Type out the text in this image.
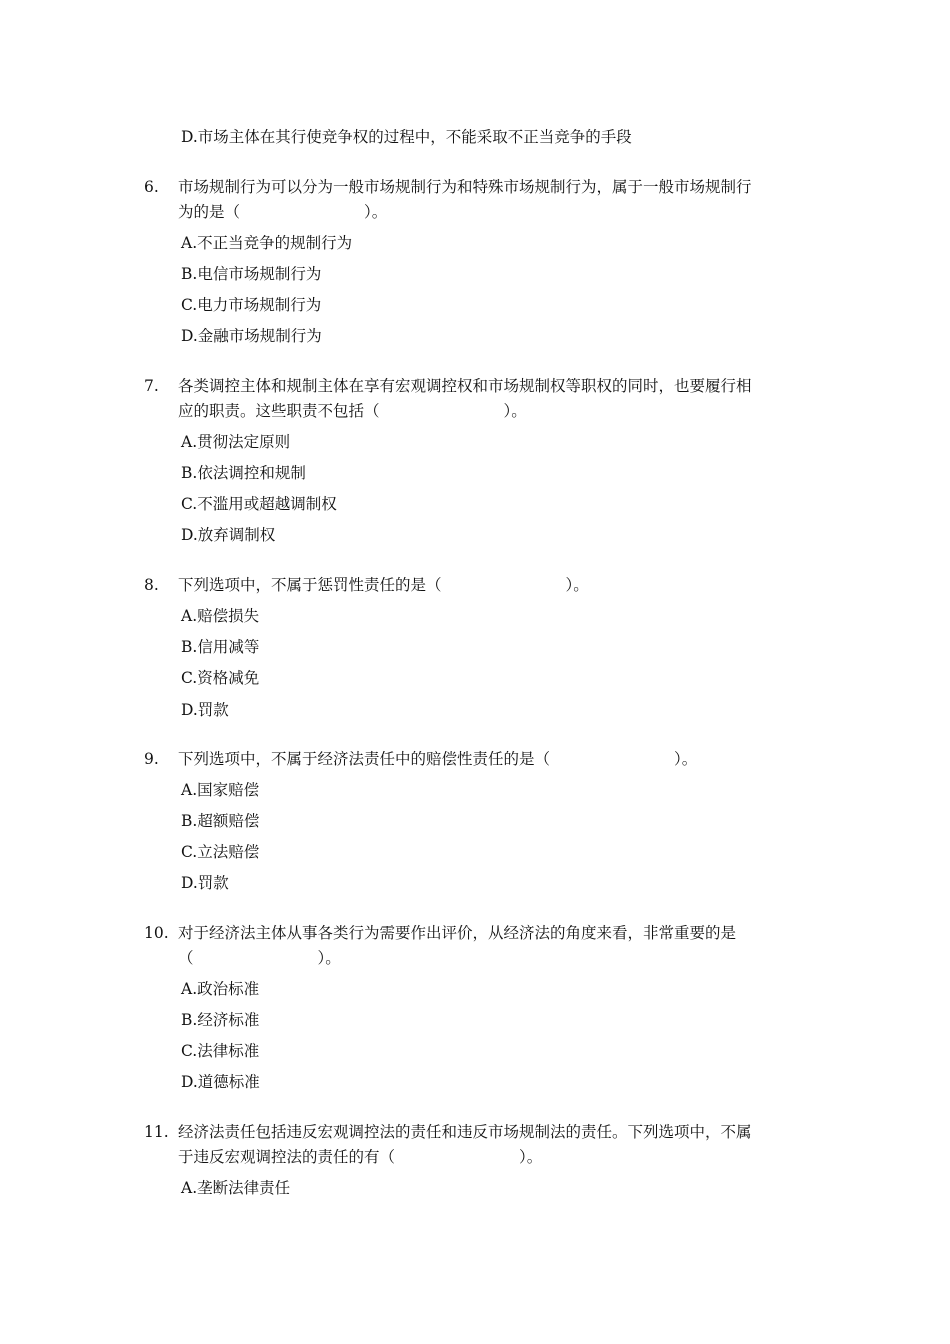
D.市场主体在其行使竞争权的过程中，不能采取不正当竞争的手段
6. 市场规制行为可以分为一般市场规制行为和特殊市场规制行为，属于一般市场规制行
为的是（　　　　　　　　）。
A.不正当竞争的规制行为
B.电信市场规制行为
C.电力市场规制行为
D.金融市场规制行为
7. 各类调控主体和规制主体在享有宏观调控权和市场规制权等职权的同时，也要履行相
应的职责。这些职责不包括（　　　　　　　　）。
A.贯彻法定原则
B.依法调控和规制
C.不滥用或超越调制权
D.放弃调制权
8. 下列选项中，不属于惩罚性责任的是（　　　　　　　　）。
A.赔偿损失
B.信用减等
C.资格减免
D.罚款
9. 下列选项中，不属于经济法责任中的赔偿性责任的是（　　　　　　　　）。
A.国家赔偿
B.超额赔偿
C.立法赔偿
D.罚款
10. 对于经济法主体从事各类行为需要作出评价，从经济法的角度来看，非常重要的是
（　　　　　　　　）。
A.政治标准
B.经济标准
C.法律标准
D.道德标准
11. 经济法责任包括违反宏观调控法的责任和违反市场规制法的责任。下列选项中，不属
于违反宏观调控法的责任的有（　　　　　　　　）。
A.垄断法律责任
